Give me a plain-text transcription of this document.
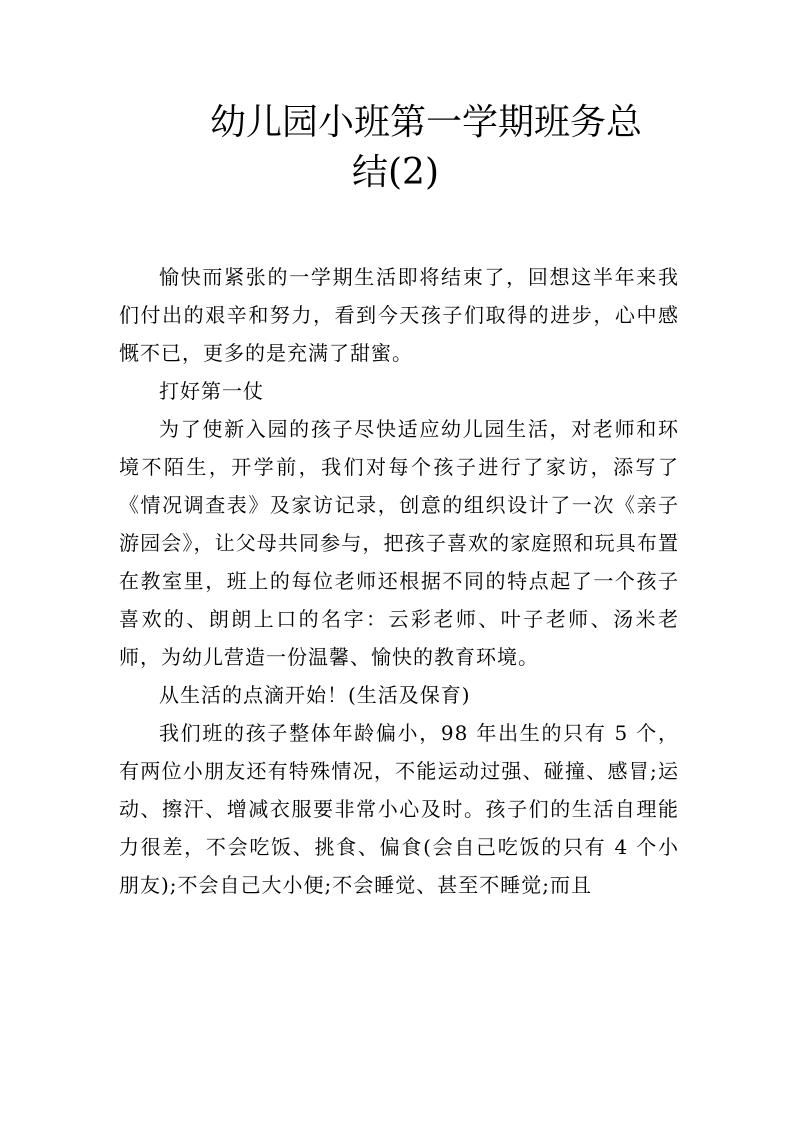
幼儿园小班第一学期班务总
结(2)

愉快而紧张的一学期生活即将结束了，回想这半年来我们付出的艰辛和努力，看到今天孩子们取得的进步，心中感慨不已，更多的是充满了甜蜜。

打好第一仗

为了使新入园的孩子尽快适应幼儿园生活，对老师和环境不陌生，开学前，我们对每个孩子进行了家访，添写了《情况调查表》及家访记录，创意的组织设计了一次《亲子游园会》，让父母共同参与，把孩子喜欢的家庭照和玩具布置在教室里，班上的每位老师还根据不同的特点起了一个孩子喜欢的、朗朗上口的名字：云彩老师、叶子老师、汤米老师，为幼儿营造一份温馨、愉快的教育环境。

从生活的点滴开始！(生活及保育)

我们班的孩子整体年龄偏小，98 年出生的只有 5 个，有两位小朋友还有特殊情况，不能运动过强、碰撞、感冒;运动、擦汗、增减衣服要非常小心及时。孩子们的生活自理能力很差，不会吃饭、挑食、偏食(会自己吃饭的只有 4 个小朋友);不会自己大小便;不会睡觉、甚至不睡觉;而且
